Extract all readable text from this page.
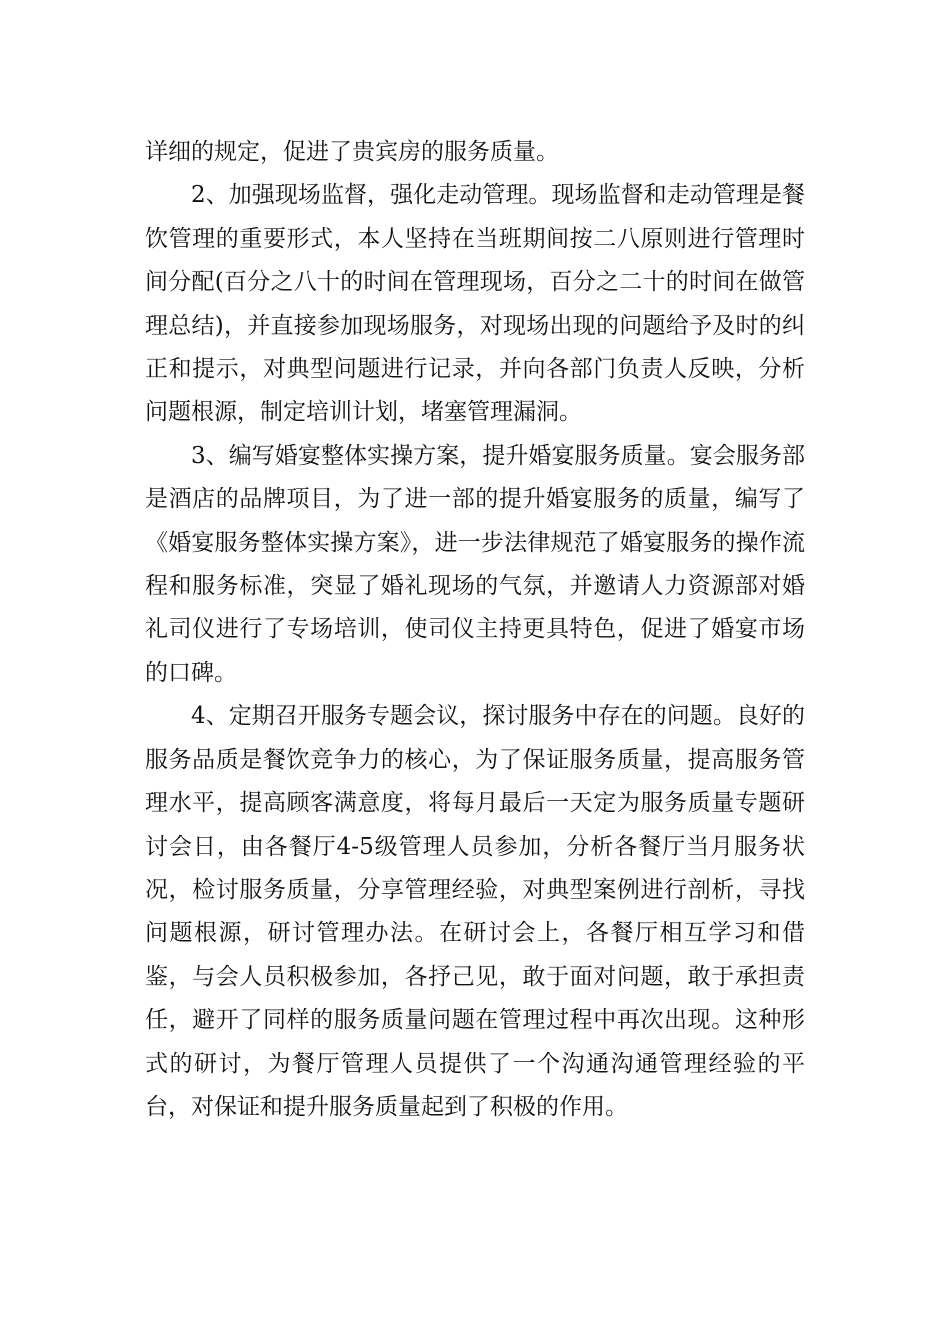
详细的规定，促进了贵宾房的服务质量。

2、加强现场监督，强化走动管理。现场监督和走动管理是餐饮管理的重要形式，本人坚持在当班期间按二八原则进行管理时间分配(百分之八十的时间在管理现场，百分之二十的时间在做管理总结)，并直接参加现场服务，对现场出现的问题给予及时的纠正和提示，对典型问题进行记录，并向各部门负责人反映，分析问题根源，制定培训计划，堵塞管理漏洞。

3、编写婚宴整体实操方案，提升婚宴服务质量。宴会服务部是酒店的品牌项目，为了进一部的提升婚宴服务的质量，编写了《婚宴服务整体实操方案》，进一步法律规范了婚宴服务的操作流程和服务标准，突显了婚礼现场的气氛，并邀请人力资源部对婚礼司仪进行了专场培训，使司仪主持更具特色，促进了婚宴市场的口碑。

4、定期召开服务专题会议，探讨服务中存在的问题。良好的服务品质是餐饮竞争力的核心，为了保证服务质量，提高服务管理水平，提高顾客满意度，将每月最后一天定为服务质量专题研讨会日，由各餐厅4-5级管理人员参加，分析各餐厅当月服务状况，检讨服务质量，分享管理经验，对典型案例进行剖析，寻找问题根源，研讨管理办法。在研讨会上，各餐厅相互学习和借鉴，与会人员积极参加，各抒己见，敢于面对问题，敢于承担责任，避开了同样的服务质量问题在管理过程中再次出现。这种形式的研讨，为餐厅管理人员提供了一个沟通沟通管理经验的平台，对保证和提升服务质量起到了积极的作用。
